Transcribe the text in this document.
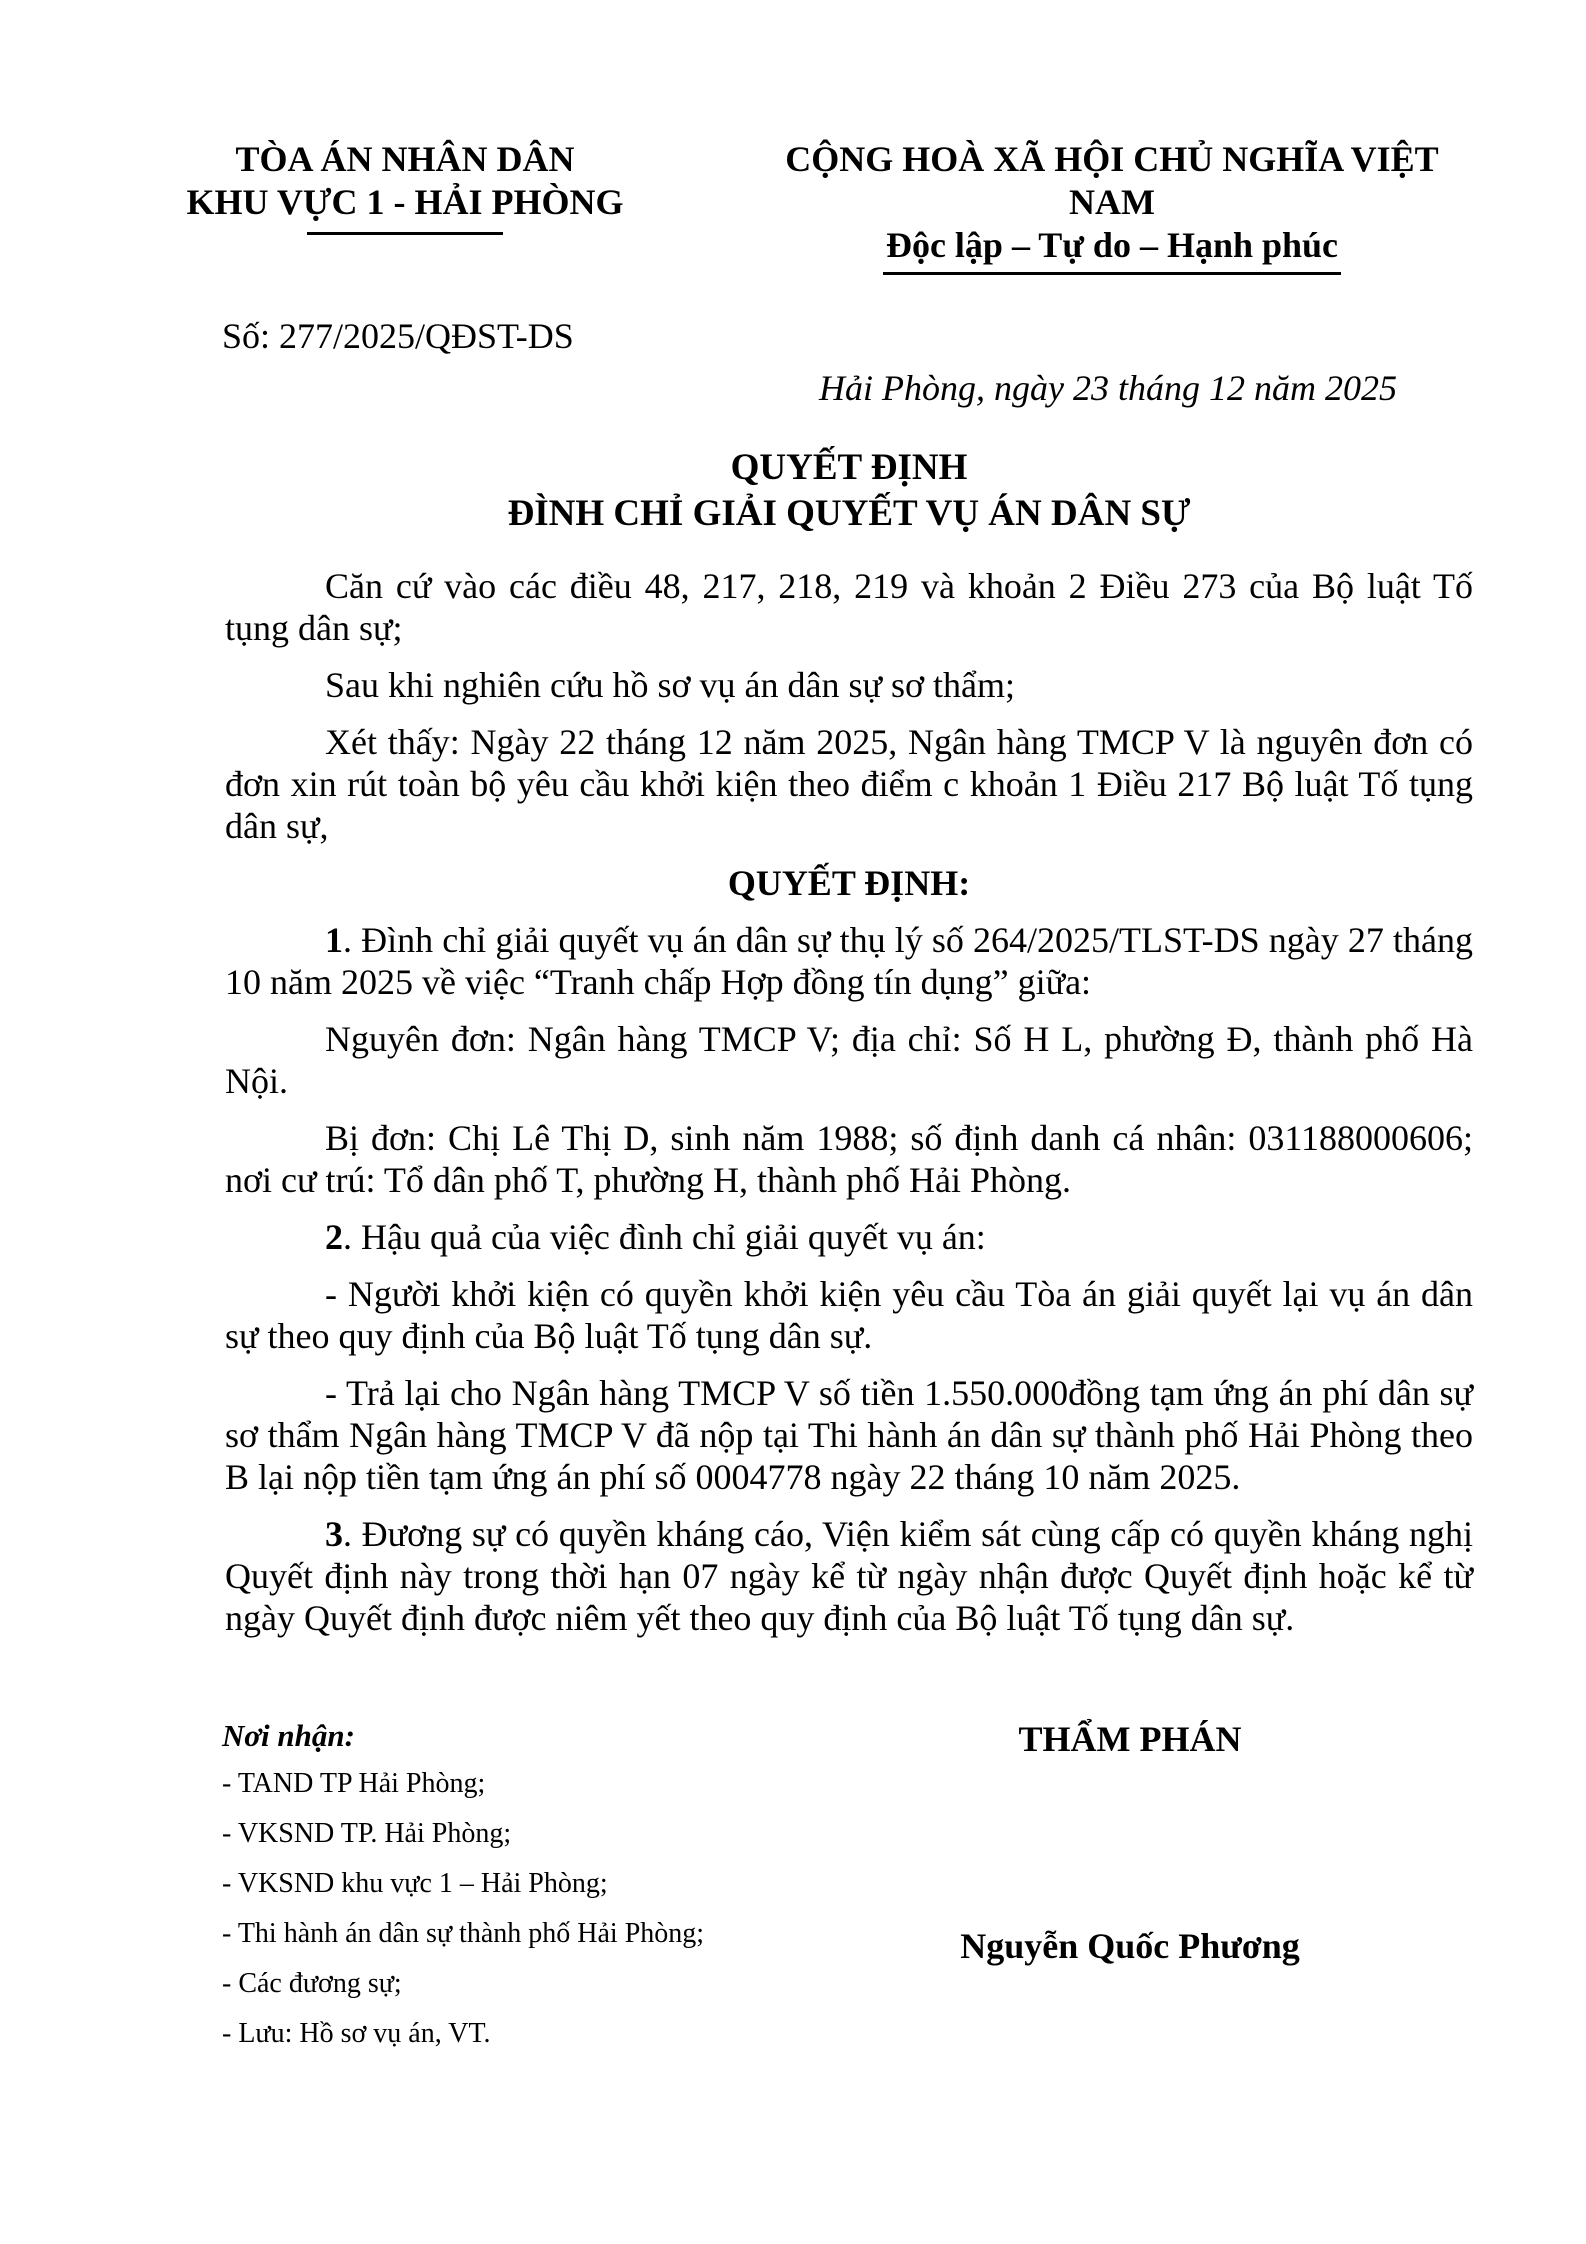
TÒA ÁN NHÂN DÂN
KHU VỰC 1 - HẢI PHÒNG
CỘNG HOÀ XÃ HỘI CHỦ NGHĨA VIỆT NAM
Độc lập – Tự do – Hạnh phúc
Số: 277/2025/QĐST-DS
Hải Phòng, ngày 23 tháng 12 năm 2025
QUYẾT ĐỊNH
ĐÌNH CHỈ GIẢI QUYẾT VỤ ÁN DÂN SỰ

Căn cứ vào các điều 48, 217, 218, 219 và khoản 2 Điều 273 của Bộ luật Tố tụng dân sự;

Sau khi nghiên cứu hồ sơ vụ án dân sự sơ thẩm;

Xét thấy: Ngày 22 tháng 12 năm 2025, Ngân hàng TMCP V là nguyên đơn có đơn xin rút toàn bộ yêu cầu khởi kiện theo điểm c khoản 1 Điều 217 Bộ luật Tố tụng dân sự,

QUYẾT ĐỊNH:

1. Đình chỉ giải quyết vụ án dân sự thụ lý số 264/2025/TLST-DS ngày 27 tháng 10 năm 2025 về việc “Tranh chấp Hợp đồng tín dụng” giữa:

Nguyên đơn: Ngân hàng TMCP V; địa chỉ: Số H L, phường Đ, thành phố Hà Nội.

Bị đơn: Chị Lê Thị D, sinh năm 1988; số định danh cá nhân: 031188000606; nơi cư trú: Tổ dân phố T, phường H, thành phố Hải Phòng.

2. Hậu quả của việc đình chỉ giải quyết vụ án:

- Người khởi kiện có quyền khởi kiện yêu cầu Tòa án giải quyết lại vụ án dân sự theo quy định của Bộ luật Tố tụng dân sự.

- Trả lại cho Ngân hàng TMCP V số tiền 1.550.000đồng tạm ứng án phí dân sự sơ thẩm Ngân hàng TMCP V đã nộp tại Thi hành án dân sự thành phố Hải Phòng theo B lại nộp tiền tạm ứng án phí số 0004778 ngày 22 tháng 10 năm 2025.

3. Đương sự có quyền kháng cáo, Viện kiểm sát cùng cấp có quyền kháng nghị Quyết định này trong thời hạn 07 ngày kể từ ngày nhận được Quyết định hoặc kể từ ngày Quyết định được niêm yết theo quy định của Bộ luật Tố tụng dân sự.

Nơi nhận:
- TAND TP Hải Phòng;
- VKSND TP. Hải Phòng;
- VKSND khu vực 1 – Hải Phòng;
- Thi hành án dân sự thành phố Hải Phòng;
- Các đương sự;
- Lưu: Hồ sơ vụ án, VT.
THẨM PHÁN
Nguyễn Quốc Phương
